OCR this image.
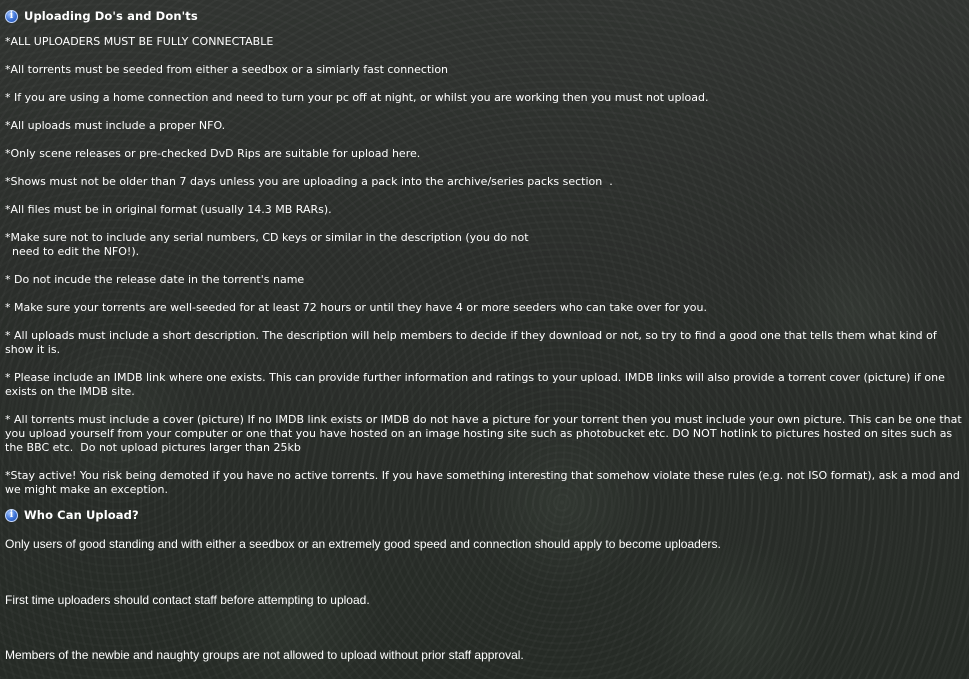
i Uploading Do's and Don'ts

*ALL UPLOADERS MUST BE FULLY CONNECTABLE

*All torrents must be seeded from either a seedbox or a simiarly fast connection

* If you are using a home connection and need to turn your pc off at night, or whilst you are working then you must not upload.

*All uploads must include a proper NFO.

*Only scene releases or pre-checked DvD Rips are suitable for upload here.

*Shows must not be older than 7 days unless you are uploading a pack into the archive/series packs section  .

*All files must be in original format (usually 14.3 MB RARs).

*Make sure not to include any serial numbers, CD keys or similar in the description (you do not
need to edit the NFO!).

* Do not incude the release date in the torrent's name

* Make sure your torrents are well-seeded for at least 72 hours or until they have 4 or more seeders who can take over for you.

* All uploads must include a short description. The description will help members to decide if they download or not, so try to find a good one that tells them what kind of show it is.

* Please include an IMDB link where one exists. This can provide further information and ratings to your upload. IMDB links will also provide a torrent cover (picture) if one exists on the IMDB site.

* All torrents must include a cover (picture) If no IMDB link exists or IMDB do not have a picture for your torrent then you must include your own picture. This can be one that you upload yourself from your computer or one that you have hosted on an image hosting site such as photobucket etc. DO NOT hotlink to pictures hosted on sites such as the BBC etc.  Do not upload pictures larger than 25kb

*Stay active! You risk being demoted if you have no active torrents. If you have something interesting that somehow violate these rules (e.g. not ISO format), ask a mod and we might make an exception.

i Who Can Upload?

Only users of good standing and with either a seedbox or an extremely good speed and connection should apply to become uploaders.

First time uploaders should contact staff before attempting to upload.

Members of the newbie and naughty groups are not allowed to upload without prior staff approval.
